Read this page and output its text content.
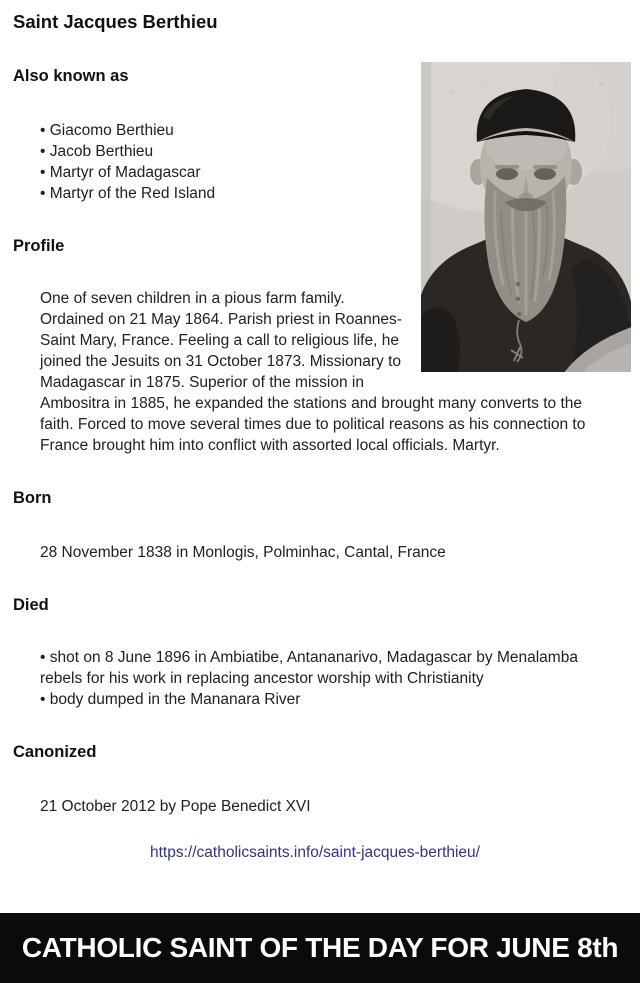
Saint Jacques Berthieu
Also known as
• Giacomo Berthieu
• Jacob Berthieu
• Martyr of Madagascar
• Martyr of the Red Island
Profile

One of seven children in a pious farm family. Ordained on 21 May 1864. Parish priest in Roannes-Saint Mary, France. Feeling a call to religious life, he joined the Jesuits on 31 October 1873. Missionary to Madagascar in 1875. Superior of the mission in Ambositra in 1885, he expanded the stations and brought many converts to the faith. Forced to move several times due to political reasons as his connection to France brought him into conflict with assorted local officials. Martyr.

Born
28 November 1838 in Monlogis, Polminhac, Cantal, France
Died
• shot on 8 June 1896 in Ambiatibe, Antananarivo, Madagascar by Menalamba rebels for his work in replacing ancestor worship with Christianity
• body dumped in the Mananara River
Canonized
21 October 2012 by Pope Benedict XVI
https://catholicsaints.info/saint-jacques-berthieu/
CATHOLIC SAINT OF THE DAY FOR JUNE 8th
